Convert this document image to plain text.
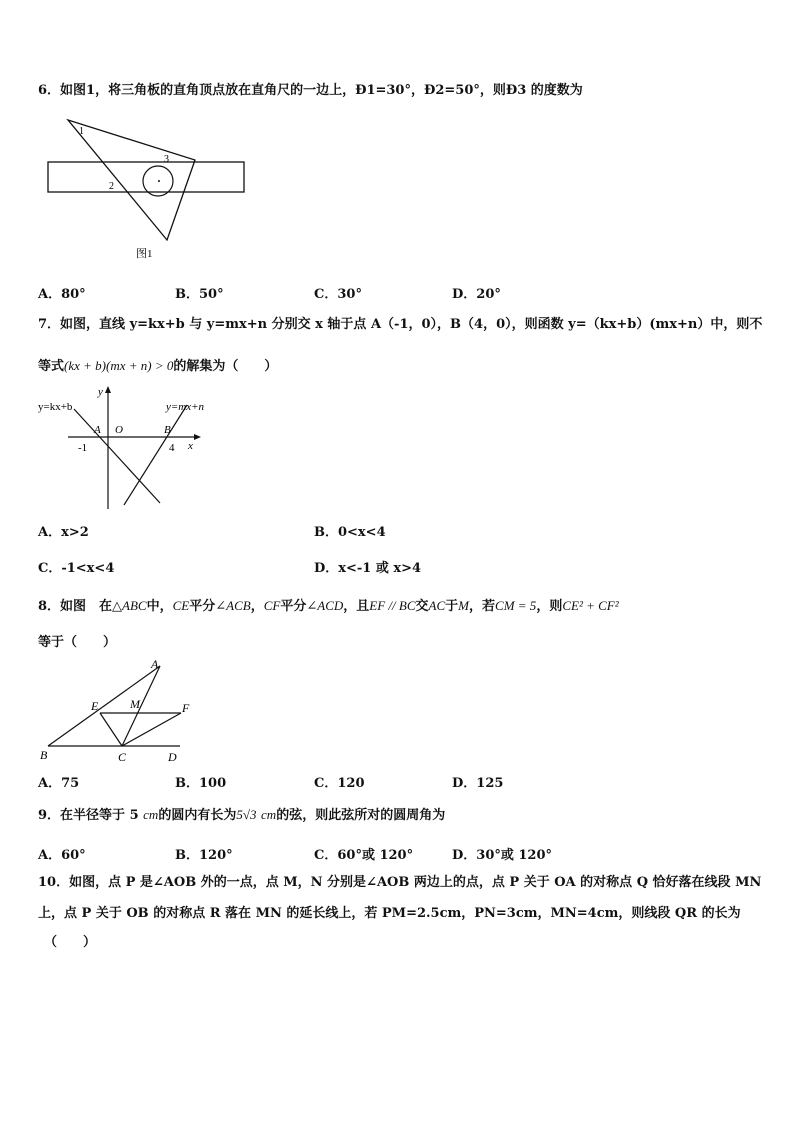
6．如图1，将三角板的直角顶点放在直角尺的一边上，Ð1=30°，Ð2=50°，则Ð3 的度数为
1
2
3
图1
A．80°	B．50°	C．30°	D．20°
7．如图，直线 y=kx+b 与 y=mx+n 分别交 x 轴于点 A（-1，0），B（4，0），则函数 y=（kx+b）(mx+n）中，则不
等式(kx + b)(mx + n) > 0的解集为（　　）
y=kx+b	y=mx+n
y
x
A O	B
-1	4
A．x>2	B．0<x<4
C．-1<x<4	D．x<-1 或 x>4
8．如图　在△ABC中，CE平分∠ACB，CF平分∠ACD，且EF // BC交AC于M，若CM = 5，则CE² + CF²
等于（　　）
A
E	M	F
B	C	D
A．75	B．100	C．120	D．125
9．在半径等于 5 cm的圆内有长为5√3 cm的弦，则此弦所对的圆周角为
A．60°	B．120°	C．60°或 120°	D．30°或 120°
10．如图，点 P 是∠AOB 外的一点，点 M，N 分别是∠AOB 两边上的点，点 P 关于 OA 的对称点 Q 恰好落在线段 MN
上，点 P 关于 OB 的对称点 R 落在 MN 的延长线上，若 PM=2.5cm，PN=3cm，MN=4cm，则线段 QR 的长为
（　　）
